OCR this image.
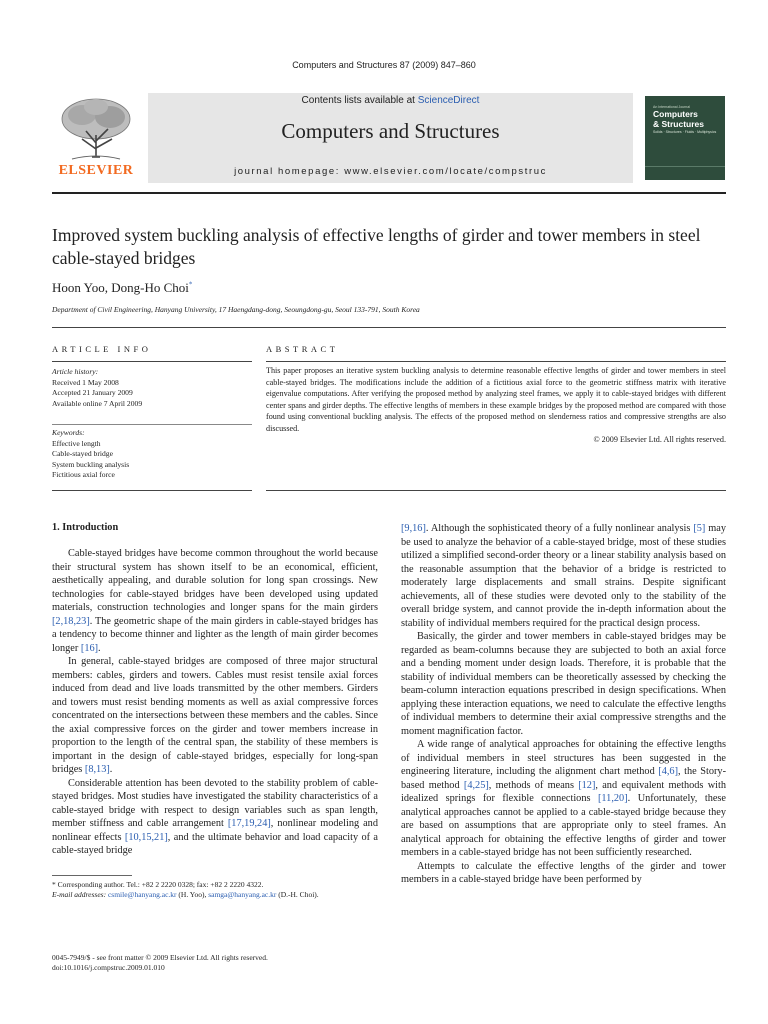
Computers and Structures 87 (2009) 847–860
ELSEVIER
Contents lists available at ScienceDirect
Computers and Structures
journal homepage: www.elsevier.com/locate/compstruc
An International Journal
Computers
& Structures
Solids · Structures · Fluids · Multiphysics
Improved system buckling analysis of effective lengths of girder and tower members in steel cable-stayed bridges
Hoon Yoo, Dong-Ho Choi*
Department of Civil Engineering, Hanyang University, 17 Haengdang-dong, Seoungdong-gu, Seoul 133-791, South Korea
ARTICLE INFO
Article history:
Received 1 May 2008
Accepted 21 January 2009
Available online 7 April 2009
Keywords:
Effective length
Cable-stayed bridge
System buckling analysis
Fictitious axial force
ABSTRACT
This paper proposes an iterative system buckling analysis to determine reasonable effective lengths of girder and tower members in steel cable-stayed bridges. The modifications include the addition of a fictitious axial force to the geometric stiffness matrix with iterative eigenvalue computations. After verifying the proposed method by analyzing steel frames, we apply it to cable-stayed bridges with different center spans and girder depths. The effective lengths of members in these example bridges by the proposed method are compared with those found using conventional buckling analysis. The effects of the proposed method on slenderness ratios and compressive strengths are also discussed.
© 2009 Elsevier Ltd. All rights reserved.
1. Introduction

Cable-stayed bridges have become common throughout the world because their structural system has shown itself to be an economical, efficient, aesthetically appealing, and durable solution for long span crossings. New technologies for cable-stayed bridges have been developed using updated materials, construction technologies and longer spans for the main girders [2,18,23]. The geometric shape of the main girders in cable-stayed bridges has a tendency to become thinner and lighter as the length of main girder becomes longer [16].

In general, cable-stayed bridges are composed of three major structural members: cables, girders and towers. Cables must resist tensile axial forces induced from dead and live loads transmitted by the other members. Girders and towers must resist bending moments as well as axial compressive forces concentrated on the intersections between these members and the cables. Since the axial compressive forces on the girder and tower members increase in proportion to the length of the central span, the stability of these members is important in the design of cable-stayed bridges, especially for long-span bridges [8,13].

Considerable attention has been devoted to the stability problem of cable-stayed bridges. Most studies have investigated the stability characteristics of a cable-stayed bridge with respect to design variables such as span length, member stiffness and cable arrangement [17,19,24], nonlinear modeling and nonlinear effects [10,15,21], and the ultimate behavior and load capacity of a cable-stayed bridge

[9,16]. Although the sophisticated theory of a fully nonlinear analysis [5] may be used to analyze the behavior of a cable-stayed bridge, most of these studies utilized a simplified second-order theory or a linear stability analysis based on the reasonable assumption that the behavior of a bridge is restricted to moderately large displacements and small strains. Despite significant achievements, all of these studies were devoted only to the stability of the overall bridge system, and cannot provide the in-depth information about the stability of individual members required for the practical design process.

Basically, the girder and tower members in cable-stayed bridges may be regarded as beam-columns because they are subjected to both an axial force and a bending moment under design loads. Therefore, it is probable that the stability of individual members can be theoretically assessed by checking the beam-column interaction equations prescribed in design specifications. When applying these interaction equations, we need to calculate the effective lengths of individual members to determine their axial compressive strengths and the moment magnification factor.

A wide range of analytical approaches for obtaining the effective lengths of individual members in steel structures has been suggested in the engineering literature, including the alignment chart method [4,6], the Story-based method [4,25], methods of means [12], and equivalent methods with idealized springs for flexible connections [11,20]. Unfortunately, these analytical approaches cannot be applied to a cable-stayed bridge because they are based on assumptions that are appropriate only to steel frames. An analytical approach for obtaining the effective lengths of girder and tower members in a cable-stayed bridge has not been sufficiently researched.

Attempts to calculate the effective lengths of the girder and tower members in a cable-stayed bridge have been performed by

* Corresponding author. Tel.: +82 2 2220 0328; fax: +82 2 2220 4322.
E-mail addresses: csmile@hanyang.ac.kr (H. Yoo), samga@hanyang.ac.kr (D.-H. Choi).
0045-7949/$ - see front matter © 2009 Elsevier Ltd. All rights reserved.
doi:10.1016/j.compstruc.2009.01.010
